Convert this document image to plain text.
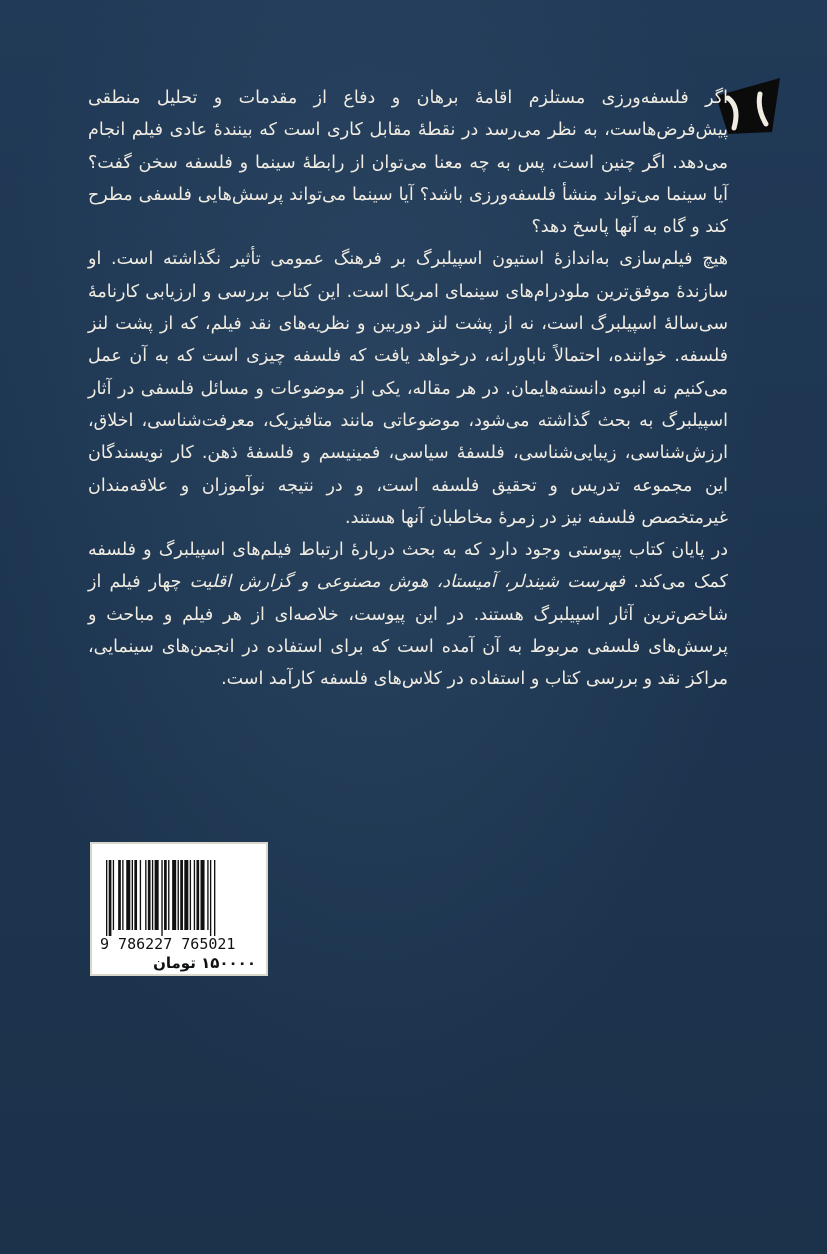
اگر فلسفه‌ورزی مستلزم اقامهٔ برهان و دفاع از مقدمات و تحلیل منطقی پیش‌فرض‌هاست، به نظر می‌رسد در نقطهٔ مقابل کاری است که بینندهٔ عادی فیلم انجام می‌دهد. اگر چنین است، پس به چه معنا می‌توان از رابطهٔ سینما و فلسفه سخن گفت؟ آیا سینما می‌تواند منشأ فلسفه‌ورزی باشد؟ آیا سینما می‌تواند پرسش‌هایی فلسفی مطرح کند و گاه به آنها پاسخ دهد؟

هیچ فیلم‌سازی به‌اندازهٔ استیون اسپیلبرگ بر فرهنگ عمومی تأثیر نگذاشته است. او سازندهٔ موفق‌ترین ملودرام‌های سینمای امریکا است. این کتاب بررسی و ارزیابی کارنامهٔ سی‌سالهٔ اسپیلبرگ است، نه از پشت لنز دوربین و نظریه‌های نقد فیلم، که از پشت لنز فلسفه. خواننده، احتمالاً ناباورانه، درخواهد یافت که فلسفه چیزی است که به آن عمل می‌کنیم نه انبوه دانسته‌هایمان. در هر مقاله، یکی از موضوعات و مسائل فلسفی در آثار اسپیلبرگ به بحث گذاشته می‌شود، موضوعاتی مانند متافیزیک، معرفت‌شناسی، اخلاق، ارزش‌شناسی، زیبایی‌شناسی، فلسفهٔ سیاسی، فمینیسم و فلسفهٔ ذهن. کار نویسندگان این مجموعه تدریس و تحقیق فلسفه است، و در نتیجه نوآموزان و علاقه‌مندان غیرمتخصص فلسفه نیز در زمرهٔ مخاطبان آنها هستند.

در پایان کتاب پیوستی وجود دارد که به بحث دربارهٔ ارتباط فیلم‌های اسپیلبرگ و فلسفه کمک می‌کند. فهرست شیندلر، آمیستاد، هوش مصنوعی و گزارش اقلیت چهار فیلم از شاخص‌ترین آثار اسپیلبرگ هستند. در این پیوست، خلاصه‌ای از هر فیلم و مباحث و پرسش‌های فلسفی مربوط به آن آمده است که برای استفاده در انجمن‌های سینمایی، مراکز نقد و بررسی کتاب و استفاده در کلاس‌های فلسفه کارآمد است.

9 786227 765021
۱۵۰۰۰۰ تومان
